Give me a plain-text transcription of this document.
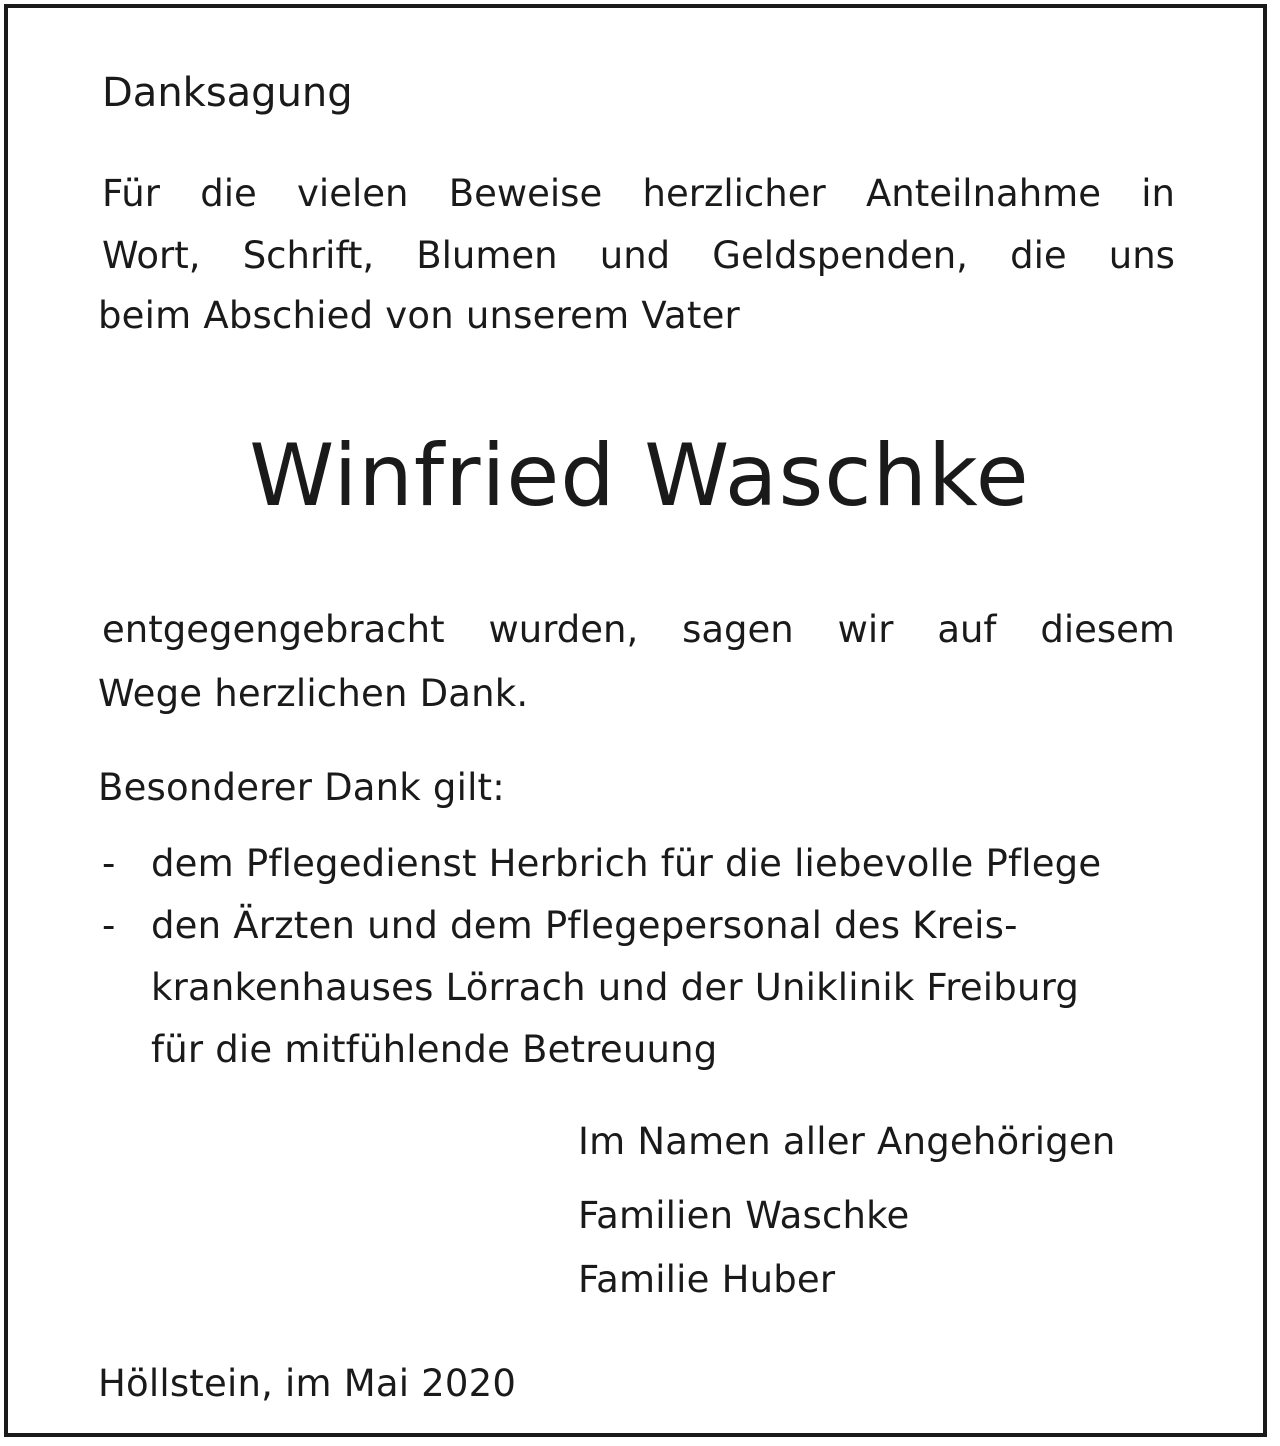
Danksagung

Für die vielen Beweise herzlicher Anteilnahme in
Wort, Schrift, Blumen und Geldspenden, die uns

beim Abschied von unserem Vater

Winfried Waschke

entgegengebracht wurden, sagen wir auf diesem

Wege herzlichen Dank.

Besonderer Dank gilt:

- dem Pflegedienst Herbrich für die liebevolle Pflege

- den Ärzten und dem Pflegepersonal des Kreis-

krankenhauses Lörrach und der Uniklinik Freiburg

für die mitfühlende Betreuung

Im Namen aller Angehörigen

Familien Waschke

Familie Huber

Höllstein, im Mai 2020
